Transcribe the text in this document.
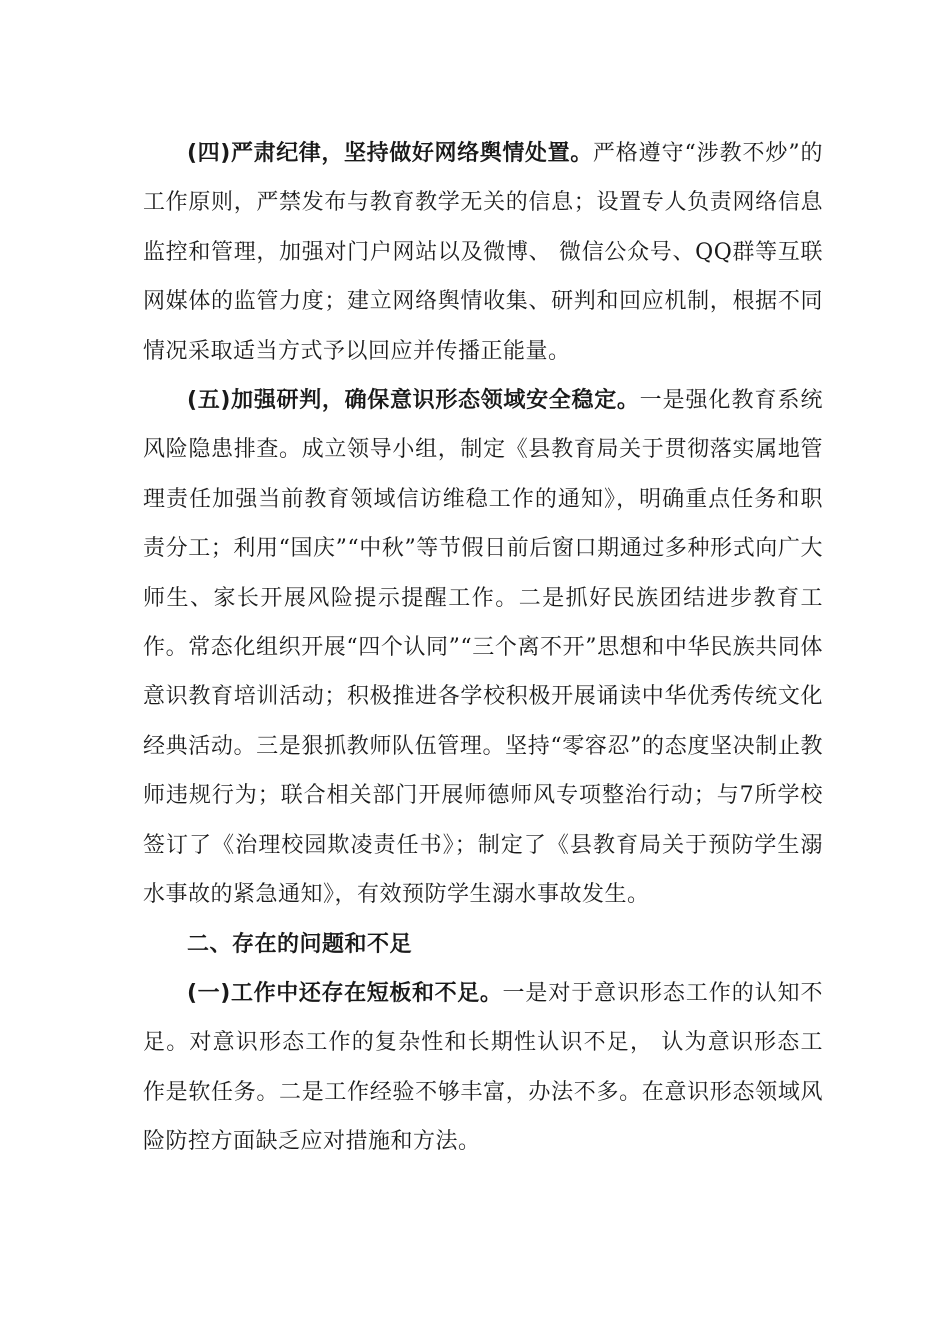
(四)严肃纪律，坚持做好网络舆情处置。严格遵守“涉教不炒”的工作原则，严禁发布与教育教学无关的信息；设置专人负责网络信息监控和管理，加强对门户网站以及微博、 微信公众号、QQ群等互联网媒体的监管力度；建立网络舆情收集、研判和回应机制，根据不同情况采取适当方式予以回应并传播正能量。

(五)加强研判，确保意识形态领域安全稳定。一是强化教育系统风险隐患排查。成立领导小组，制定《县教育局关于贯彻落实属地管理责任加强当前教育领域信访维稳工作的通知》，明确重点任务和职责分工；利用“国庆”“中秋”等节假日前后窗口期通过多种形式向广大师生、家长开展风险提示提醒工作。二是抓好民族团结进步教育工作。常态化组织开展“四个认同”“三个离不开”思想和中华民族共同体意识教育培训活动；积极推进各学校积极开展诵读中华优秀传统文化经典活动。三是狠抓教师队伍管理。坚持“零容忍”的态度坚决制止教师违规行为；联合相关部门开展师德师风专项整治行动；与7所学校签订了《治理校园欺凌责任书》；制定了《县教育局关于预防学生溺水事故的紧急通知》，有效预防学生溺水事故发生。

二、存在的问题和不足

(一)工作中还存在短板和不足。一是对于意识形态工作的认知不足。对意识形态工作的复杂性和长期性认识不足， 认为意识形态工作是软任务。二是工作经验不够丰富，办法不多。在意识形态领域风险防控方面缺乏应对措施和方法。
